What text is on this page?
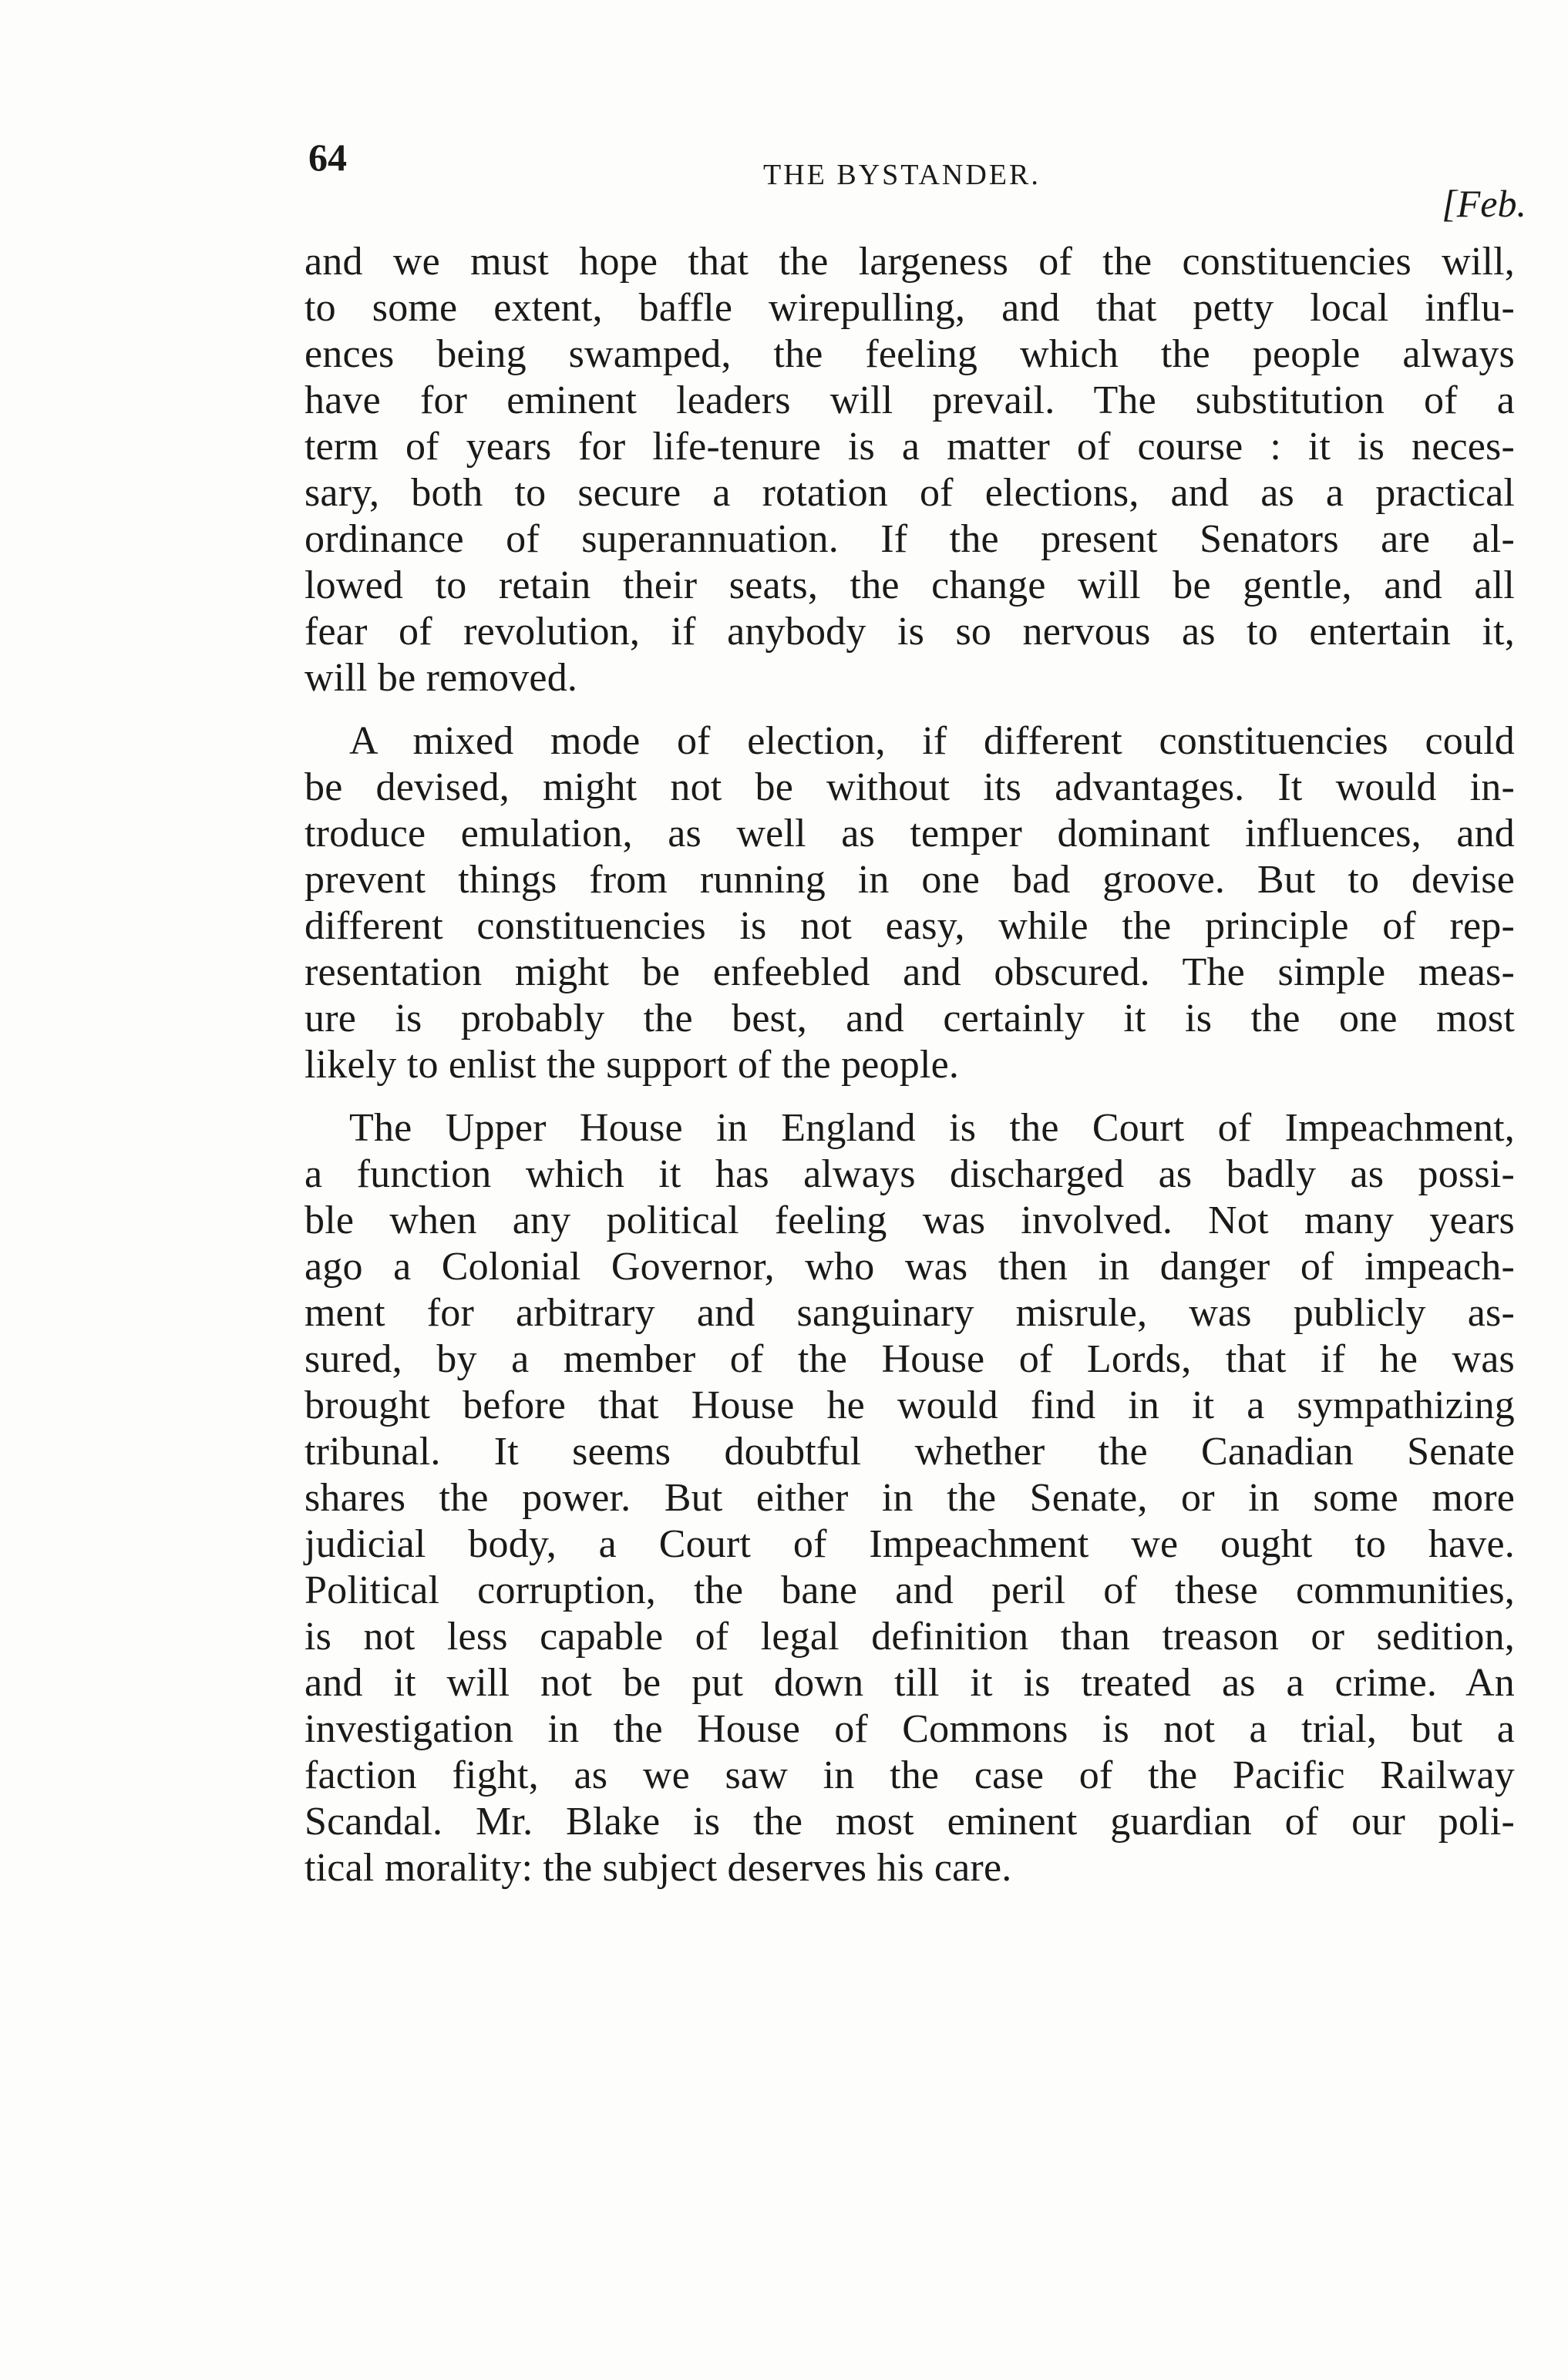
64	THE BYSTANDER.
[Feb.

and we must hope that the largeness of the constituencies will,
to some extent, baffle wirepulling, and that petty local influ-
ences being swamped, the feeling which the people always
have for eminent leaders will prevail. The substitution of a
term of years for life-tenure is a matter of course : it is neces-
sary, both to secure a rotation of elections, and as a practical
ordinance of superannuation. If the present Senators are al-
lowed to retain their seats, the change will be gentle, and all
fear of revolution, if anybody is so nervous as to entertain it,
will be removed.

A mixed mode of election, if different constituencies could
be devised, might not be without its advantages. It would in-
troduce emulation, as well as temper dominant influences, and
prevent things from running in one bad groove. But to devise
different constituencies is not easy, while the principle of rep-
resentation might be enfeebled and obscured. The simple meas-
ure is probably the best, and certainly it is the one most
likely to enlist the support of the people.

The Upper House in England is the Court of Impeachment,
a function which it has always discharged as badly as possi-
ble when any political feeling was involved. Not many years
ago a Colonial Governor, who was then in danger of impeach-
ment for arbitrary and sanguinary misrule, was publicly as-
sured, by a member of the House of Lords, that if he was
brought before that House he would find in it a sympathizing
tribunal. It seems doubtful whether the Canadian Senate
shares the power. But either in the Senate, or in some more
judicial body, a Court of Impeachment we ought to have.
Political corruption, the bane and peril of these communities,
is not less capable of legal definition than treason or sedition,
and it will not be put down till it is treated as a crime. An
investigation in the House of Commons is not a trial, but a
faction fight, as we saw in the case of the Pacific Railway
Scandal. Mr. Blake is the most eminent guardian of our poli-
tical morality: the subject deserves his care.
